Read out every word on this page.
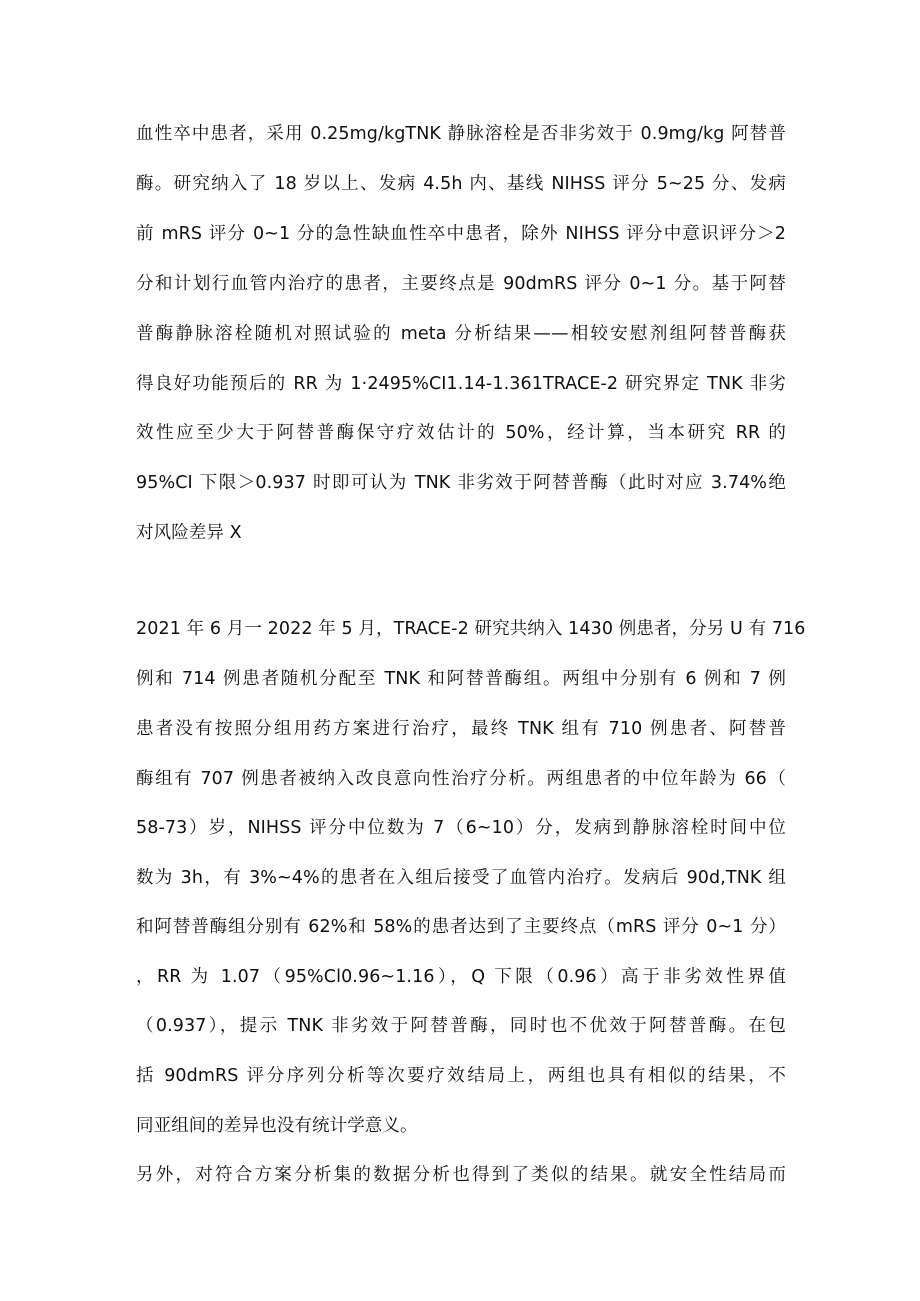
血性卒中患者，采用 0.25mg/kgTNK 静脉溶栓是否非劣效于 0.9mg/kg 阿替普
酶。研究纳入了 18 岁以上、发病 4.5h 内、基线 NIHSS 评分 5~25 分、发病
前 mRS 评分 0~1 分的急性缺血性卒中患者，除外 NIHSS 评分中意识评分＞2
分和计划行血管内治疗的患者，主要终点是 90dmRS 评分 0~1 分。基于阿替
普酶静脉溶栓随机对照试验的 meta 分析结果——相较安慰剂组阿替普酶获
得良好功能预后的 RR 为 1·2495%CI1.14-1.361TRACE-2 研究界定 TNK 非劣
效性应至少大于阿替普酶保守疗效估计的 50%，经计算，当本研究 RR 的
95%CI 下限＞0.937 时即可认为 TNK 非劣效于阿替普酶（此时对应 3.74%绝
对风险差异 X
2021 年 6 月一 2022 年 5 月，TRACE-2 研究共纳入 1430 例患者，分另 U 有 716
例和 714 例患者随机分配至 TNK 和阿替普酶组。两组中分别有 6 例和 7 例
患者没有按照分组用药方案进行治疗，最终 TNK 组有 710 例患者、阿替普
酶组有 707 例患者被纳入改良意向性治疗分析。两组患者的中位年龄为 66（
58-73）岁，NIHSS 评分中位数为 7（6~10）分，发病到静脉溶栓时间中位
数为 3h，有 3%~4%的患者在入组后接受了血管内治疗。发病后 90d,TNK 组
和阿替普酶组分别有 62%和 58%的患者达到了主要终点（mRS 评分 0~1 分）
，RR 为 1.07（95%Cl0.96~1.16），Q 下限（0.96）高于非劣效性界值
（0.937），提示 TNK 非劣效于阿替普酶，同时也不优效于阿替普酶。在包
括 90dmRS 评分序列分析等次要疗效结局上，两组也具有相似的结果，不
同亚组间的差异也没有统计学意义。
另外，对符合方案分析集的数据分析也得到了类似的结果。就安全性结局而
